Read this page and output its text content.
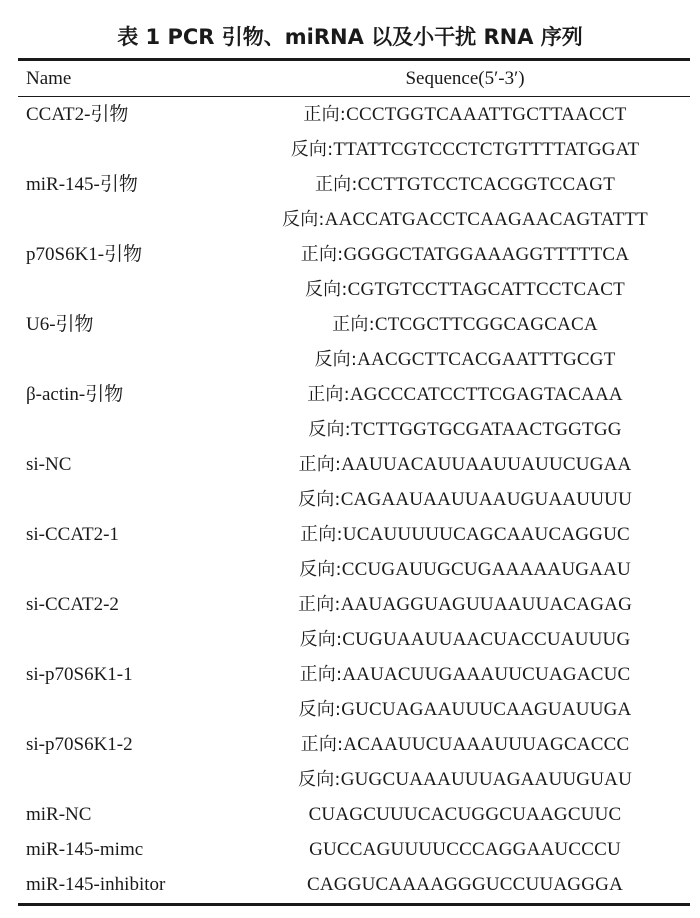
表 1 PCR 引物、miRNA 以及小干扰 RNA 序列
Name	Sequence(5′-3′)
CCAT2-引物	正向:CCCTGGTCAAATTGCTTAACCT
反向:TTATTCGTCCCTCTGTTTTATGGAT
miR-145-引物	正向:CCTTGTCCTCACGGTCCAGT
反向:AACCATGACCTCAAGAACAGTATTT
p70S6K1-引物	正向:GGGGCTATGGAAAGGTTTTTCA
反向:CGTGTCCTTAGCATTCCTCACT
U6-引物	正向:CTCGCTTCGGCAGCACA
反向:AACGCTTCACGAATTTGCGT
β-actin-引物	正向:AGCCCATCCTTCGAGTACAAA
反向:TCTTGGTGCGATAACTGGTGG
si-NC	正向:AAUUACAUUAAUUAUUCUGAA
反向:CAGAAUAAUUAAUGUAAUUUU
si-CCAT2-1	正向:UCAUUUUUCAGCAAUCAGGUC
反向:CCUGAUUGCUGAAAAAUGAAU
si-CCAT2-2	正向:AAUAGGUAGUUAAUUACAGAG
反向:CUGUAAUUAACUACCUAUUUG
si-p70S6K1-1	正向:AAUACUUGAAAUUCUAGACUC
反向:GUCUAGAAUUUCAAGUAUUGA
si-p70S6K1-2	正向:ACAAUUCUAAAUUUAGCACCC
反向:GUGCUAAAUUUAGAAUUGUAU
miR-NC	CUAGCUUUCACUGGCUAAGCUUC
miR-145-mimc	GUCCAGUUUUCCCAGGAAUCCCU
miR-145-inhibitor	CAGGUCAAAAGGGUCCUUAGGGA
